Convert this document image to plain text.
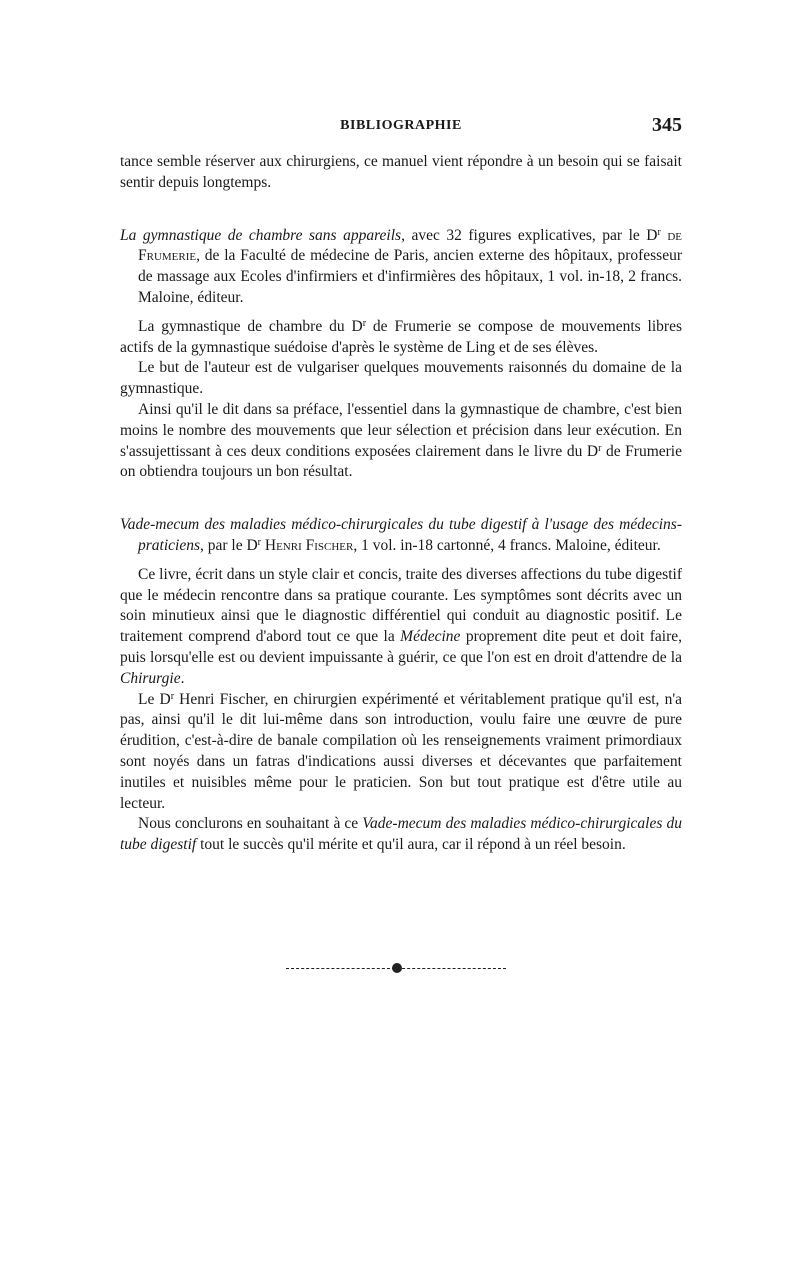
BIBLIOGRAPHIE	345

tance semble réserver aux chirurgiens, ce manuel vient répondre à un besoin qui se faisait sentir depuis longtemps.

La gymnastique de chambre sans appareils, avec 32 figures explicatives, par le $D^r$ de Frumerie, de la Faculté de médecine de Paris, ancien externe des hôpitaux, professeur de massage aux Ecoles d'infirmiers et d'infirmières des hôpitaux, 1 vol. in-18, 2 francs. Maloine, éditeur.

La gymnastique de chambre du $D^r$ de Frumerie se compose de mouvements libres actifs de la gymnastique suédoise d'après le système de Ling et de ses élèves.

Le but de l'auteur est de vulgariser quelques mouvements raisonnés du domaine de la gymnastique.

Ainsi qu'il le dit dans sa préface, l'essentiel dans la gymnastique de chambre, c'est bien moins le nombre des mouvements que leur sélection et précision dans leur exécution. En s'assujettissant à ces deux conditions exposées clairement dans le livre du $D^r$ de Frumerie on obtiendra toujours un bon résultat.

Vade-mecum des maladies médico-chirurgicales du tube digestif à l'usage des médecins-praticiens, par le $D^r$ Henri Fischer, 1 vol. in-18 cartonné, 4 francs. Maloine, éditeur.

Ce livre, écrit dans un style clair et concis, traite des diverses affections du tube digestif que le médecin rencontre dans sa pratique courante. Les symptômes sont décrits avec un soin minutieux ainsi que le diagnostic différentiel qui conduit au diagnostic positif. Le traitement comprend d'abord tout ce que la Médecine proprement dite peut et doit faire, puis lorsqu'elle est ou devient impuissante à guérir, ce que l'on est en droit d'attendre de la Chirurgie.

Le $D^r$ Henri Fischer, en chirurgien expérimenté et véritablement pratique qu'il est, n'a pas, ainsi qu'il le dit lui-même dans son introduction, voulu faire une œuvre de pure érudition, c'est-à-dire de banale compilation où les renseignements vraiment primordiaux sont noyés dans un fatras d'indications aussi diverses et décevantes que parfaitement inutiles et nuisibles même pour le praticien. Son but tout pratique est d'être utile au lecteur.

Nous conclurons en souhaitant à ce Vade-mecum des maladies médico-chirurgicales du tube digestif tout le succès qu'il mérite et qu'il aura, car il répond à un réel besoin.
